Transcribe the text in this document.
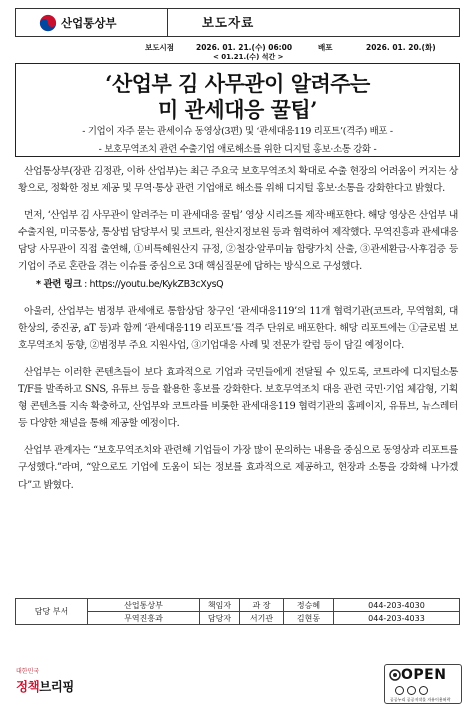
산업통상부	보도자료
보도시점	2026. 01. 21.(수) 06:00
< 01.21.(수) 석간 >
배포	2026. 01. 20.(화)
‘산업부 김 사무관이 알려주는
미 관세대응 꿀팁’
- 기업이 자주 묻는 관세이슈 동영상(3편) 및 ‘관세대응119 리포트’(격주) 배포 -
- 보호무역조치 관련 수출기업 애로해소를 위한 디지털 홍보·소통 강화 -

산업통상부(장관 김정관, 이하 산업부)는 최근 주요국 보호무역조치 확대로 수출 현장의 어려움이 커지는 상황으로, 정확한 정보 제공 및 무역·통상 관련 기업애로 해소를 위해 디지털 홍보·소통을 강화한다고 밝혔다.

먼저, ‘산업부 김 사무관이 알려주는 미 관세대응 꿀팁’ 영상 시리즈를 제작·배포한다. 해당 영상은 산업부 내 수출지원, 미국통상, 통상법 담당부서 및 코트라, 원산지정보원 등과 협력하여 제작했다. 무역진흥과 관세대응 담당 사무관이 직접 출연해, ①비특혜원산지 규정, ②철강·알루미늄 함량가치 산출, ③관세환급·사후검증 등 기업이 주로 혼란을 겪는 이슈를 중심으로 3대 핵심질문에 답하는 방식으로 구성했다.

* 관련 링크 : https://youtu.be/KykZB3cXysQ

아울러, 산업부는 범정부 관세애로 통합상담 창구인 ‘관세대응119’의 11개 협력기관(코트라, 무역협회, 대한상의, 중진공, aT 등)과 함께 ‘관세대응119 리포트’를 격주 단위로 배포한다. 해당 리포트에는 ①글로벌 보호무역조치 동향, ②범정부 주요 지원사업, ③기업대응 사례 및 전문가 칼럼 등이 담길 예정이다.

산업부는 이러한 콘텐츠들이 보다 효과적으로 기업과 국민들에게 전달될 수 있도록, 코트라에 디지털소통 T/F를 발족하고 SNS, 유튜브 등을 활용한 홍보를 강화한다. 보호무역조치 대응 관련 국민·기업 체감형, 기획형 콘텐츠를 지속 확충하고, 산업부와 코트라를 비롯한 관세대응119 협력기관의 홈페이지, 유튜브, 뉴스레터 등 다양한 채널을 통해 제공할 예정이다.

산업부 관계자는 “보호무역조치와 관련해 기업들이 가장 많이 문의하는 내용을 중심으로 동영상과 리포트를 구성했다.”라며, “앞으로도 기업에 도움이 되는 정보를 효과적으로 제공하고, 현장과 소통을 강화해 나가겠다”고 밝혔다.

담당 부서	산업통상부	책임자	과 장	정승혜	044-203-4030
	무역진흥과	담당자	서기관	김현동	044-203-4033
대한민국
정책브리핑
OPEN
공공누리 공공저작물 자유이용허락
